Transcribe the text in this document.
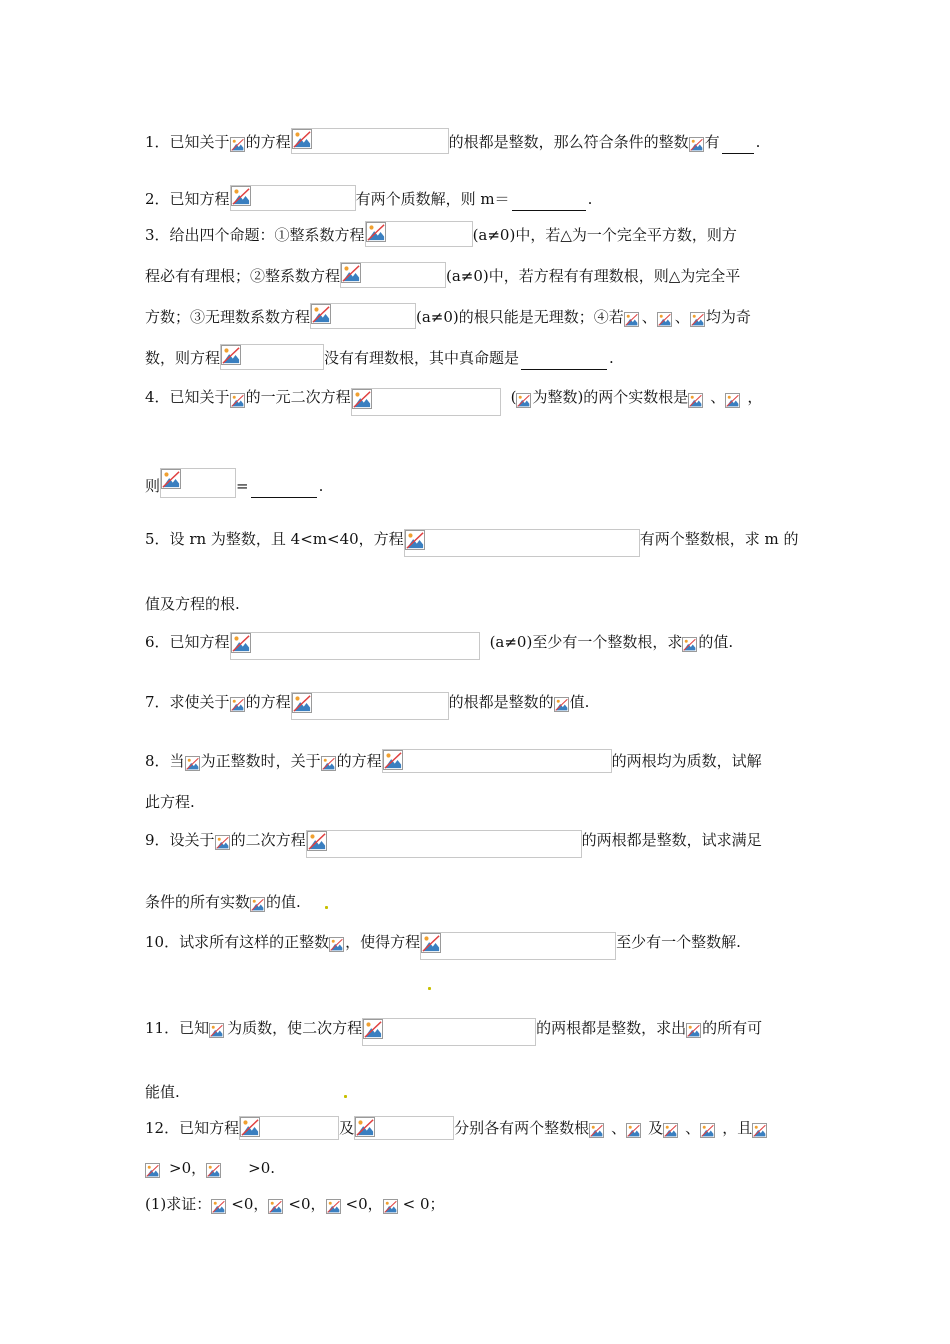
1．已知关于 的方程	的根都是整数，那么符合条件的整数 有 .
2．已知方程	有两个质数解，则 m＝	.
3．给出四个命题：①整系数方程	(a≠0)中，若△为一个完全平方数，则方
程必有有理根；②整系数方程	(a≠0)中，若方程有有理数根，则△为完全平
方数；③无理数系数方程	(a≠0)的根只能是无理数；④若 、 、 均为奇
数，则方程	没有有理数根，其中真命题是	.
4．已知关于 的一元二次方程	( 为整数)的两个实数根是 、 ，
则	=	.
5．设 rn 为整数，且 4<m<40，方程	有两个整数根，求 m 的
值及方程的根.
6．已知方程	(a≠0)至少有一个整数根，求 的值.
7．求使关于 的方程	的根都是整数的 值.
8．当 为正整数时，关于 的方程	的两根均为质数，试解
此方程.
9．设关于 的二次方程	的两根都是整数，试求满足
条件的所有实数 的值.
10．试求所有这样的正整数 ，使得方程	至少有一个整数解.
11．已知 为质数，使二次方程	的两根都是整数，求出 的所有可
能值.
12．已知方程	及	分别各有两个整数根 、 及 、 ，且
>0，	>0.
(1)求证： <0， <0， <0， < 0；
